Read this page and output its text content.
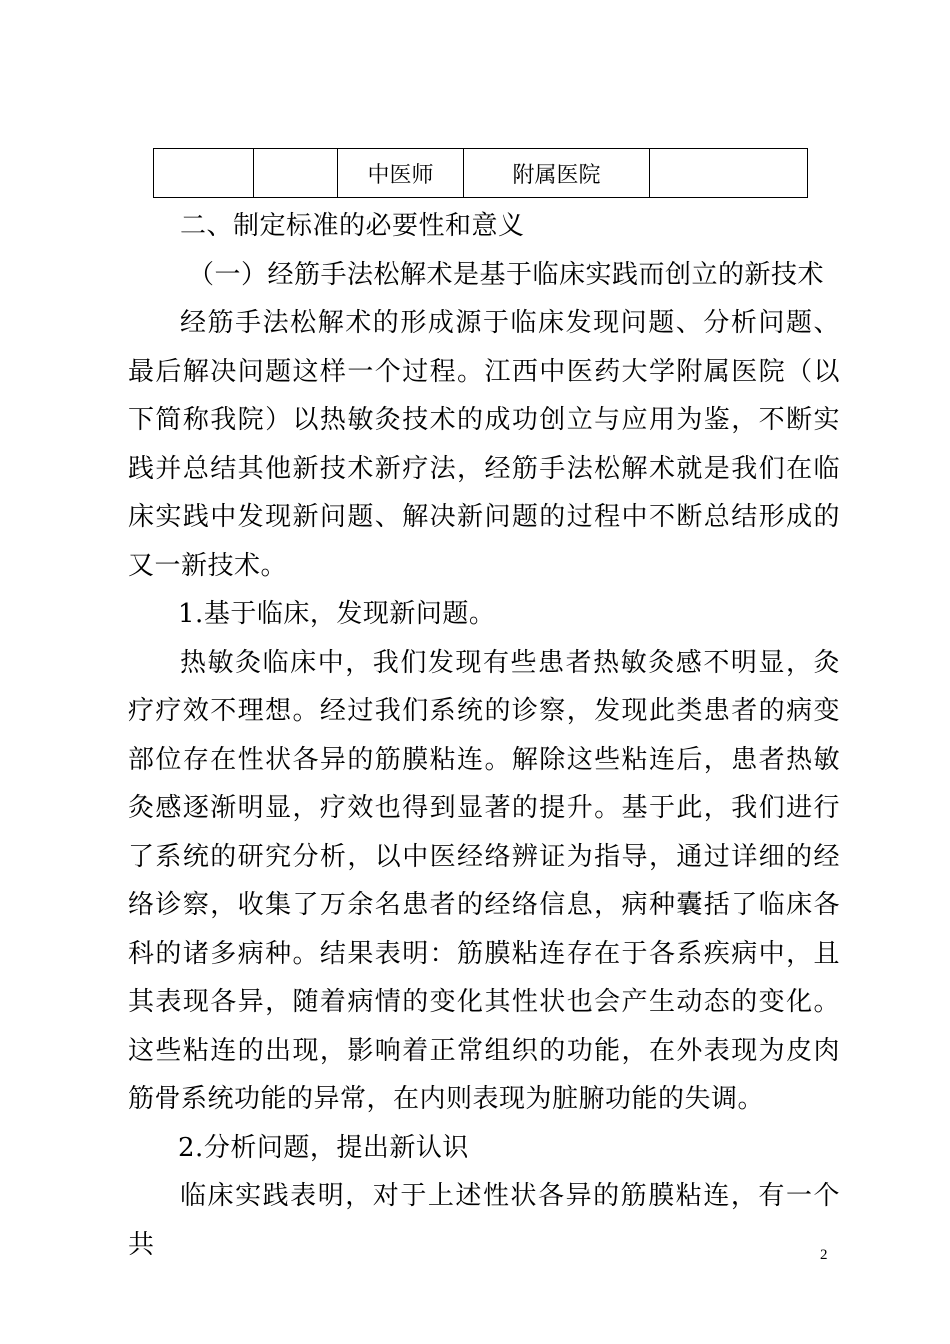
		中医师	附属医院	

二、制定标准的必要性和意义

（一）经筋手法松解术是基于临床实践而创立的新技术

经筋手法松解术的形成源于临床发现问题、分析问题、最后解决问题这样一个过程。江西中医药大学附属医院（以下简称我院）以热敏灸技术的成功创立与应用为鉴，不断实践并总结其他新技术新疗法，经筋手法松解术就是我们在临床实践中发现新问题、解决新问题的过程中不断总结形成的又一新技术。

1.基于临床，发现新问题。

热敏灸临床中，我们发现有些患者热敏灸感不明显，灸疗疗效不理想。经过我们系统的诊察，发现此类患者的病变部位存在性状各异的筋膜粘连。解除这些粘连后，患者热敏灸感逐渐明显，疗效也得到显著的提升。基于此，我们进行了系统的研究分析，以中医经络辨证为指导，通过详细的经络诊察，收集了万余名患者的经络信息，病种囊括了临床各科的诸多病种。结果表明：筋膜粘连存在于各系疾病中，且其表现各异，随着病情的变化其性状也会产生动态的变化。这些粘连的出现，影响着正常组织的功能，在外表现为皮肉筋骨系统功能的异常，在内则表现为脏腑功能的失调。

2.分析问题，提出新认识

临床实践表明，对于上述性状各异的筋膜粘连，有一个共	2
